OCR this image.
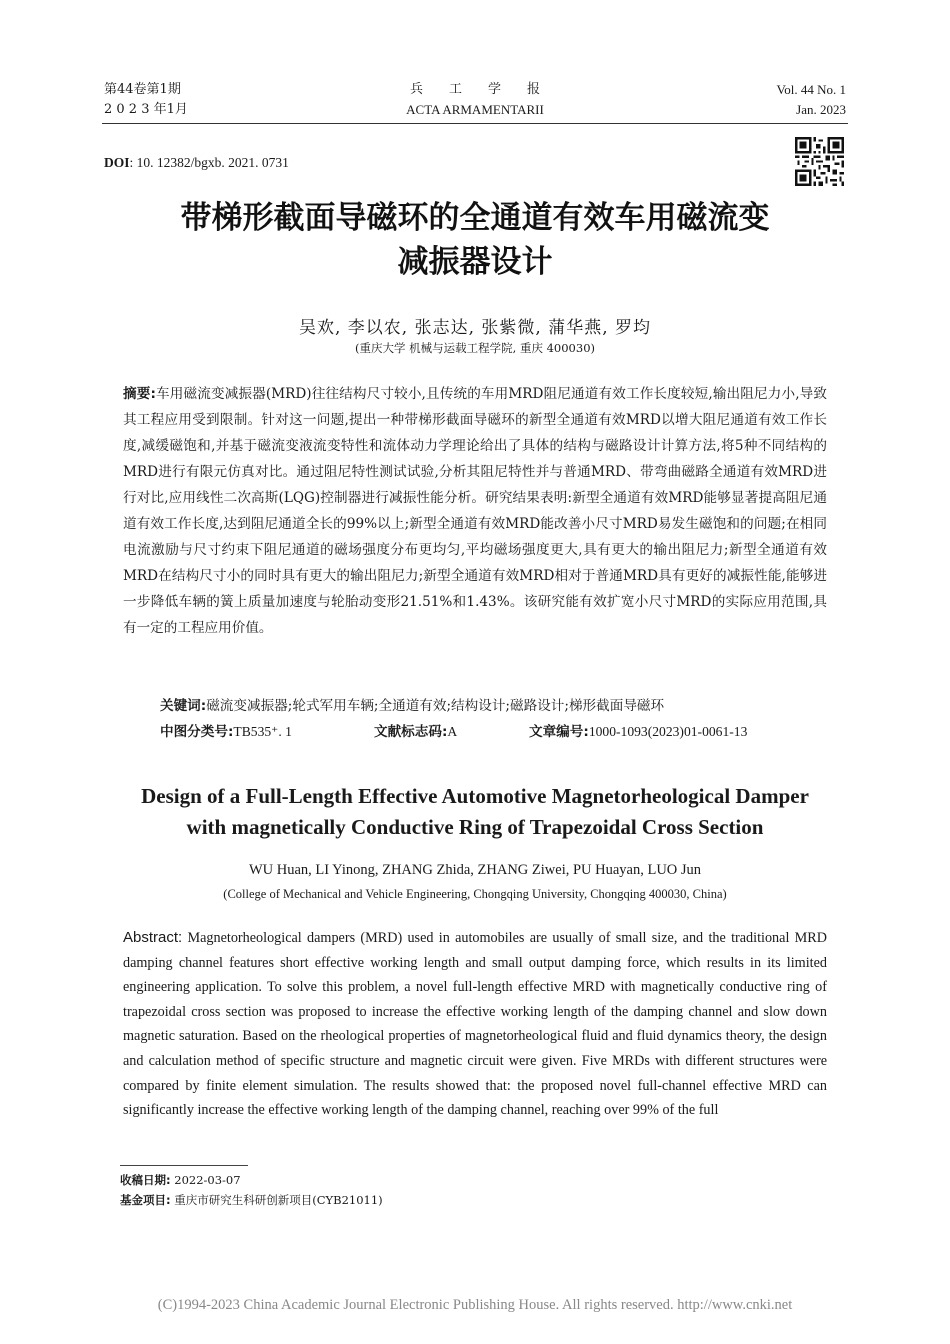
第44卷第1期
2 0 2 3 年1月
兵　　工　　学　　报
ACTA ARMAMENTARII
Vol. 44 No. 1
Jan. 2023
DOI: 10. 12382/bgxb. 2021. 0731
带梯形截面导磁环的全通道有效车用磁流变
减振器设计
吴欢, 李以农, 张志达, 张紫微, 蒲华燕, 罗均
(重庆大学 机械与运载工程学院, 重庆 400030)
摘要:车用磁流变减振器(MRD)往往结构尺寸较小,且传统的车用MRD阻尼通道有效工作长度较短,输出阻尼力小,导致其工程应用受到限制。针对这一问题,提出一种带梯形截面导磁环的新型全通道有效MRD以增大阻尼通道有效工作长度,减缓磁饱和,并基于磁流变液流变特性和流体动力学理论给出了具体的结构与磁路设计计算方法,将5种不同结构的MRD进行有限元仿真对比。通过阻尼特性测试试验,分析其阻尼特性并与普通MRD、带弯曲磁路全通道有效MRD进行对比,应用线性二次高斯(LQG)控制器进行减振性能分析。研究结果表明:新型全通道有效MRD能够显著提高阻尼通道有效工作长度,达到阻尼通道全长的99%以上;新型全通道有效MRD能改善小尺寸MRD易发生磁饱和的问题;在相同电流激励与尺寸约束下阻尼通道的磁场强度分布更均匀,平均磁场强度更大,具有更大的输出阻尼力;新型全通道有效MRD在结构尺寸小的同时具有更大的输出阻尼力;新型全通道有效MRD相对于普通MRD具有更好的减振性能,能够进一步降低车辆的簧上质量加速度与轮胎动变形21.51%和1.43%。该研究能有效扩宽小尺寸MRD的实际应用范围,具有一定的工程应用价值。
关键词:磁流变减振器;轮式军用车辆;全通道有效;结构设计;磁路设计;梯形截面导磁环
中图分类号:TB535⁺. 1	文献标志码:A	文章编号:1000-1093(2023)01-0061-13
Design of a Full-Length Effective Automotive Magnetorheological Damper
with magnetically Conductive Ring of Trapezoidal Cross Section
WU Huan, LI Yinong, ZHANG Zhida, ZHANG Ziwei, PU Huayan, LUO Jun
(College of Mechanical and Vehicle Engineering, Chongqing University, Chongqing 400030, China)
Abstract: Magnetorheological dampers (MRD) used in automobiles are usually of small size, and the traditional MRD damping channel features short effective working length and small output damping force, which results in its limited engineering application. To solve this problem, a novel full-length effective MRD with magnetically conductive ring of trapezoidal cross section was proposed to increase the effective working length of the damping channel and slow down magnetic saturation. Based on the rheological properties of magnetorheological fluid and fluid dynamics theory, the design and calculation method of specific structure and magnetic circuit were given. Five MRDs with different structures were compared by finite element simulation. The results showed that: the proposed novel full-channel effective MRD can significantly increase the effective working length of the damping channel, reaching over 99% of the full
收稿日期: 2022-03-07
基金项目: 重庆市研究生科研创新项目(CYB21011)
(C)1994-2023 China Academic Journal Electronic Publishing House. All rights reserved. http://www.cnki.net
